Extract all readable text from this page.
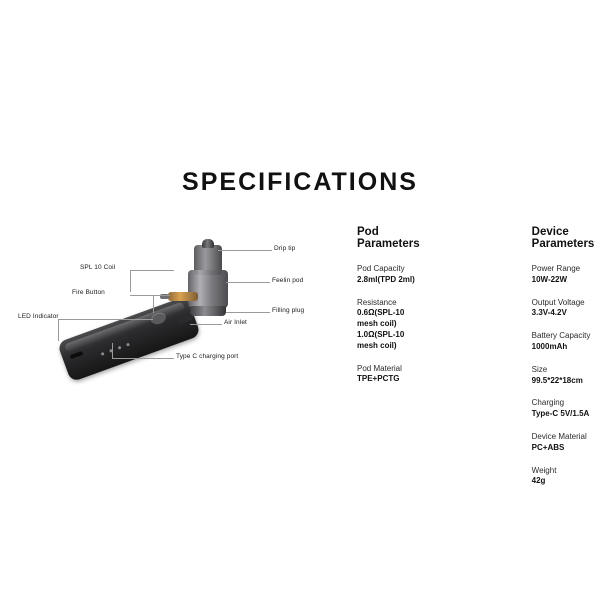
SPECIFICATIONS
SPL 10 Coil
Fire Button
LED Indicator
Drip tip
Feelin pod
Filling plug
Air Inlet
Type C charging port
Pod Parameters
Pod Capacity
2.8ml(TPD 2ml)
Resistance
0.6Ω(SPL-10 mesh coil)
1.0Ω(SPL-10 mesh coil)
Pod Material
TPE+PCTG
Device Parameters
Power Range
10W-22W
Output Voltage
3.3V-4.2V
Battery Capacity
1000mAh
Size
99.5*22*18cm
Charging
Type-C 5V/1.5A
Device Material
PC+ABS
Weight
42g
